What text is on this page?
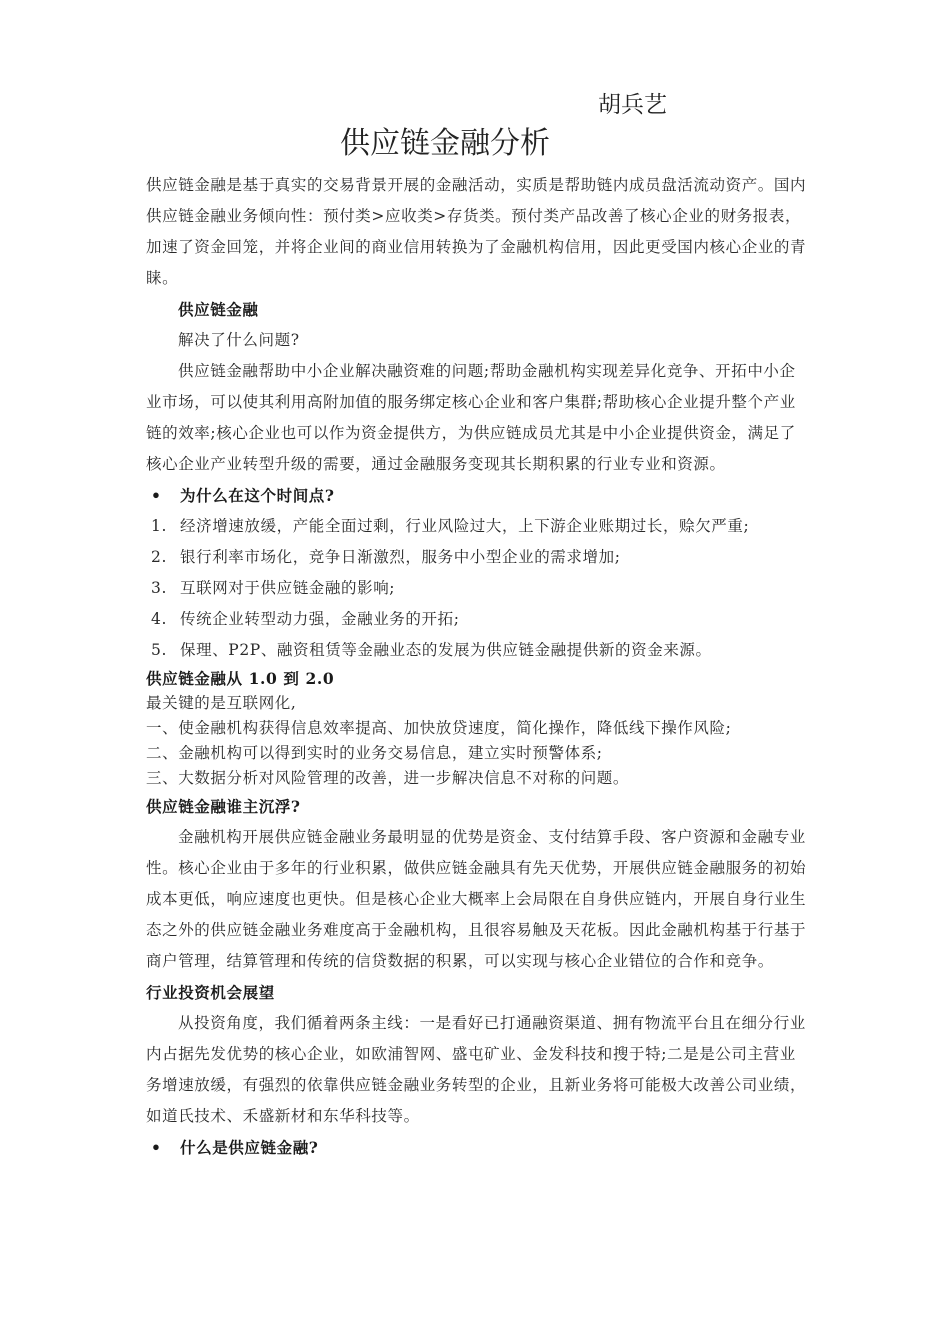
胡兵艺
供应链金融分析

供应链金融是基于真实的交易背景开展的金融活动，实质是帮助链内成员盘活流动资产。国内供应链金融业务倾向性：预付类>应收类>存货类。预付类产品改善了核心企业的财务报表，加速了资金回笼，并将企业间的商业信用转换为了金融机构信用，因此更受国内核心企业的青睐。

供应链金融

解决了什么问题?

供应链金融帮助中小企业解决融资难的问题;帮助金融机构实现差异化竞争、开拓中小企业市场，可以使其利用高附加值的服务绑定核心企业和客户集群;帮助核心企业提升整个产业链的效率;核心企业也可以作为资金提供方，为供应链成员尤其是中小企业提供资金，满足了核心企业产业转型升级的需要，通过金融服务变现其长期积累的行业专业和资源。

• 为什么在这个时间点?

1. 经济增速放缓，产能全面过剩，行业风险过大，上下游企业账期过长，赊欠严重;

2. 银行利率市场化，竞争日渐激烈，服务中小型企业的需求增加;

3. 互联网对于供应链金融的影响;

4. 传统企业转型动力强，金融业务的开拓;

5. 保理、P2P、融资租赁等金融业态的发展为供应链金融提供新的资金来源。

供应链金融从 1.0 到 2.0

最关键的是互联网化,

一、使金融机构获得信息效率提高、加快放贷速度，简化操作，降低线下操作风险;

二、金融机构可以得到实时的业务交易信息，建立实时预警体系;

三、大数据分析对风险管理的改善，进一步解决信息不对称的问题。

供应链金融谁主沉浮?

金融机构开展供应链金融业务最明显的优势是资金、支付结算手段、客户资源和金融专业性。核心企业由于多年的行业积累，做供应链金融具有先天优势，开展供应链金融服务的初始成本更低，响应速度也更快。但是核心企业大概率上会局限在自身供应链内，开展自身行业生态之外的供应链金融业务难度高于金融机构，且很容易触及天花板。因此金融机构基于行基于商户管理，结算管理和传统的信贷数据的积累，可以实现与核心企业错位的合作和竞争。

行业投资机会展望

从投资角度，我们循着两条主线：一是看好已打通融资渠道、拥有物流平台且在细分行业内占据先发优势的核心企业，如欧浦智网、盛屯矿业、金发科技和搜于特;二是是公司主营业务增速放缓，有强烈的依靠供应链金融业务转型的企业，且新业务将可能极大改善公司业绩，如道氏技术、禾盛新材和东华科技等。

• 什么是供应链金融?
